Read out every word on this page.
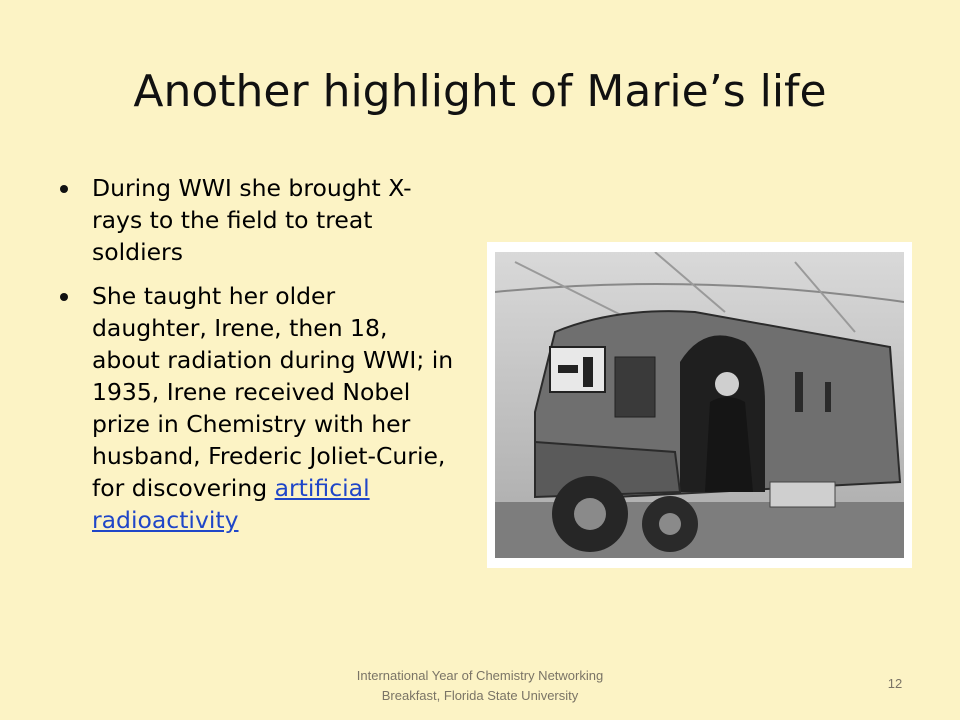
Another highlight of Marie’s life
During WWI she brought X-rays to the field to treat soldiers
She taught her older daughter, Irene, then 18, about radiation during WWI; in 1935, Irene received Nobel prize in Chemistry with her husband, Frederic Joliet-Curie, for discovering artificial radioactivity
International Year of Chemistry Networking
Breakfast, Florida State University
12
